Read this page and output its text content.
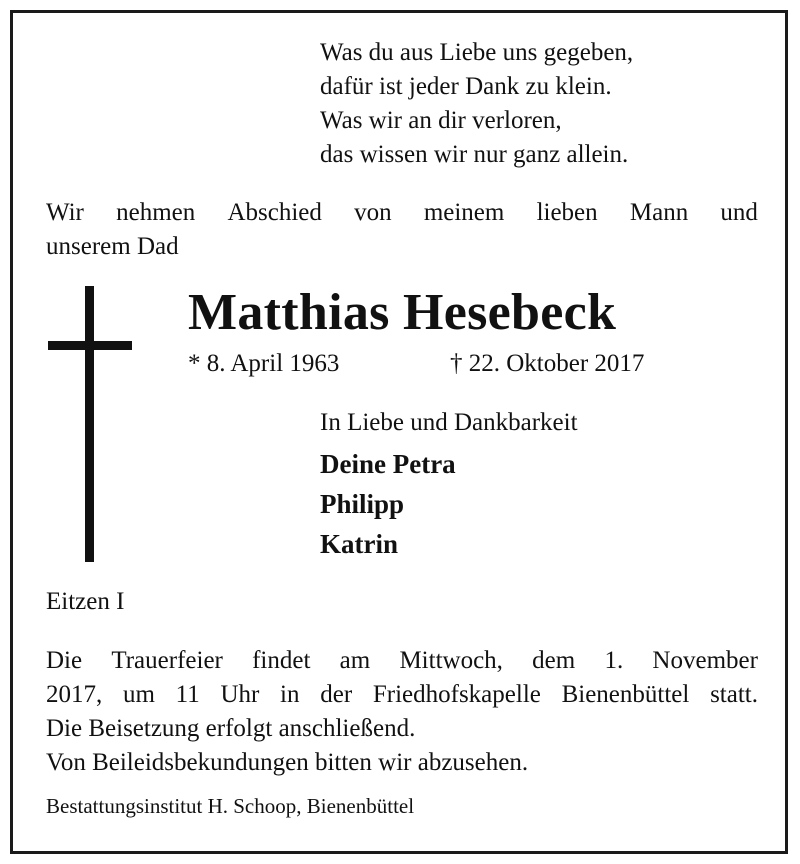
Was du aus Liebe uns gegeben,
dafür ist jeder Dank zu klein.
Was wir an dir verloren,
das wissen wir nur ganz allein.
Wir nehmen Abschied von meinem lieben Mann und
unserem Dad
Matthias Hesebeck
* 8. April 1963	† 22. Oktober 2017
In Liebe und Dankbarkeit
Deine Petra
Philipp
Katrin
Eitzen I
Die Trauerfeier findet am Mittwoch, dem 1. November
2017, um 11 Uhr in der Friedhofskapelle Bienenbüttel statt.
Die Beisetzung erfolgt anschließend.
Von Beileidsbekundungen bitten wir abzusehen.
Bestattungsinstitut H. Schoop, Bienenbüttel
